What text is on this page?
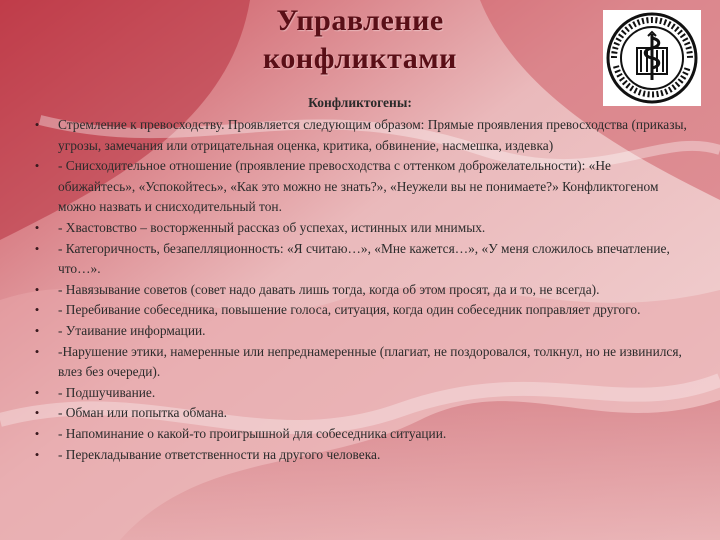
Управление
конфликтами
Конфликтогены:
• Стремление к превосходству. Проявляется следующим образом: Прямые проявления превосходства (приказы, угрозы, замечания или отрицательная оценка, критика, обвинение, насмешка, издевка)
• - Снисходительное отношение (проявление превосходства с оттенком доброжелательности): «Не обижайтесь», «Успокойтесь», «Как это можно не знать?», «Неужели вы не понимаете?» Конфликтогеном можно назвать и снисходительный тон.
• - Хвастовство – восторженный рассказ об успехах, истинных или мнимых.
• - Категоричность, безапелляционность: «Я считаю…», «Мне кажется…», «У меня сложилось впечатление, что…».
• - Навязывание советов (совет надо давать лишь тогда, когда об этом просят, да и то, не всегда).
• - Перебивание собеседника, повышение голоса, ситуация, когда один собеседник поправляет другого.
• - Утаивание информации.
• -Нарушение этики, намеренные или непреднамеренные (плагиат, не поздоровался, толкнул, но не извинился, влез без очереди).
• - Подшучивание.
• - Обман или попытка обмана.
• - Напоминание о какой-то проигрышной для собеседника ситуации.
• - Перекладывание ответственности на другого человека.
